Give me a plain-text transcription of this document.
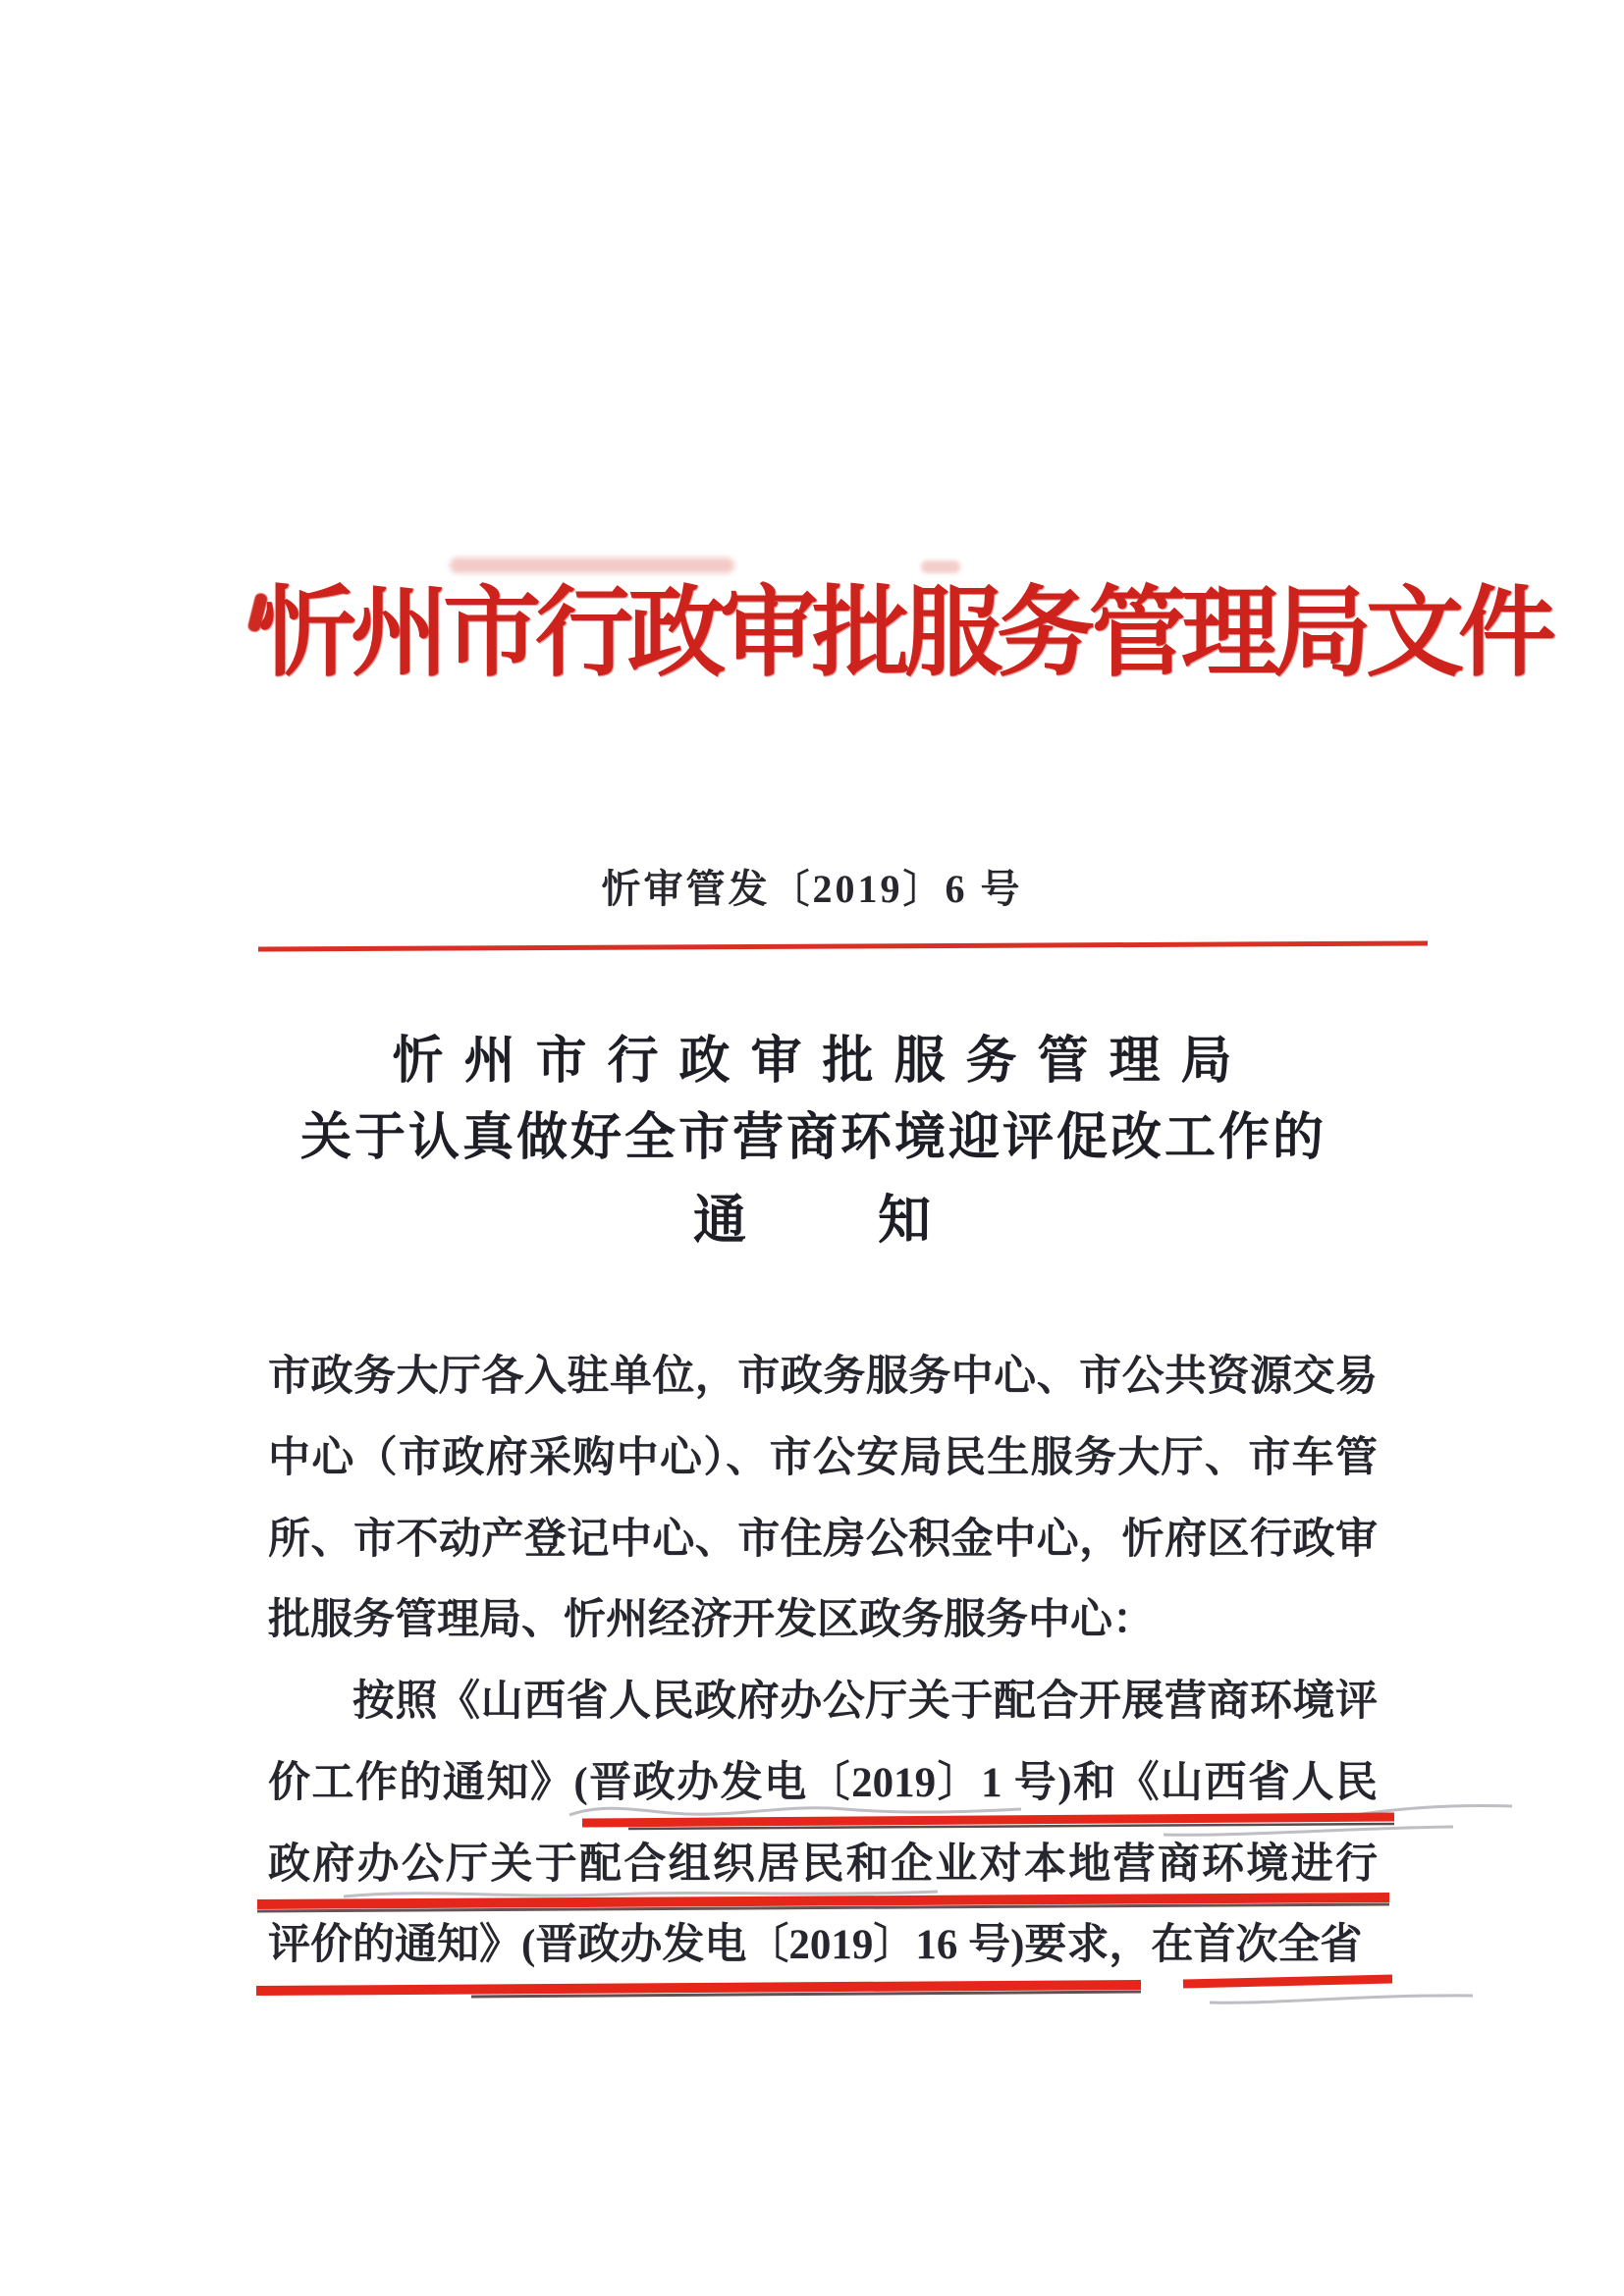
忻州市行政审批服务管理局文件
忻审管发〔2019〕6 号
忻州市行政审批服务管理局
关于认真做好全市营商环境迎评促改工作的
通 知
市政务大厅各入驻单位，市政务服务中心、市公共资源交易
中心（市政府采购中心）、市公安局民生服务大厅、市车管
所、市不动产登记中心、市住房公积金中心，忻府区行政审
批服务管理局、忻州经济开发区政务服务中心：
按照《山西省人民政府办公厅关于配合开展营商环境评
价工作的通知》(晋政办发电〔2019〕1 号)和《山西省人民
政府办公厅关于配合组织居民和企业对本地营商环境进行
评价的通知》(晋政办发电〔2019〕16 号)要求，在首次全省
